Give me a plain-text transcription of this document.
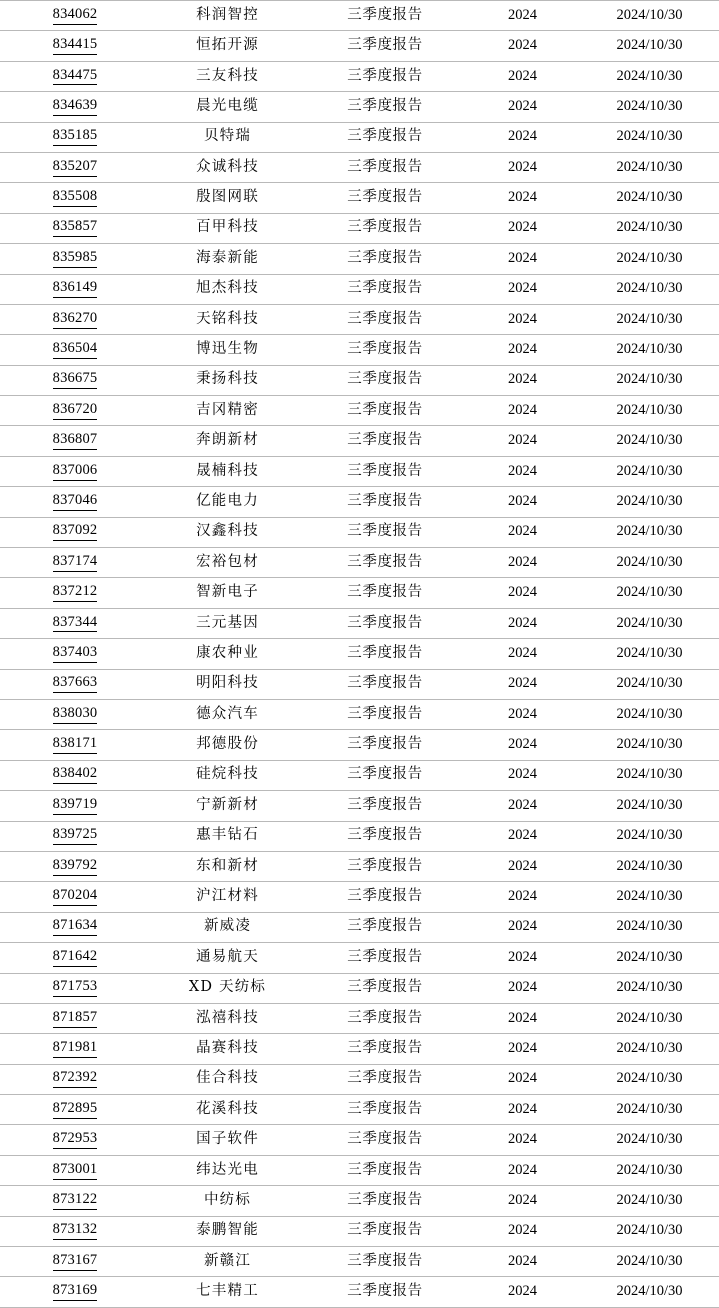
834062	科润智控	三季度报告	2024	2024/10/30
834415	恒拓开源	三季度报告	2024	2024/10/30
834475	三友科技	三季度报告	2024	2024/10/30
834639	晨光电缆	三季度报告	2024	2024/10/30
835185	贝特瑞	三季度报告	2024	2024/10/30
835207	众诚科技	三季度报告	2024	2024/10/30
835508	殷图网联	三季度报告	2024	2024/10/30
835857	百甲科技	三季度报告	2024	2024/10/30
835985	海泰新能	三季度报告	2024	2024/10/30
836149	旭杰科技	三季度报告	2024	2024/10/30
836270	天铭科技	三季度报告	2024	2024/10/30
836504	博迅生物	三季度报告	2024	2024/10/30
836675	秉扬科技	三季度报告	2024	2024/10/30
836720	吉冈精密	三季度报告	2024	2024/10/30
836807	奔朗新材	三季度报告	2024	2024/10/30
837006	晟楠科技	三季度报告	2024	2024/10/30
837046	亿能电力	三季度报告	2024	2024/10/30
837092	汉鑫科技	三季度报告	2024	2024/10/30
837174	宏裕包材	三季度报告	2024	2024/10/30
837212	智新电子	三季度报告	2024	2024/10/30
837344	三元基因	三季度报告	2024	2024/10/30
837403	康农种业	三季度报告	2024	2024/10/30
837663	明阳科技	三季度报告	2024	2024/10/30
838030	德众汽车	三季度报告	2024	2024/10/30
838171	邦德股份	三季度报告	2024	2024/10/30
838402	硅烷科技	三季度报告	2024	2024/10/30
839719	宁新新材	三季度报告	2024	2024/10/30
839725	惠丰钻石	三季度报告	2024	2024/10/30
839792	东和新材	三季度报告	2024	2024/10/30
870204	沪江材料	三季度报告	2024	2024/10/30
871634	新威凌	三季度报告	2024	2024/10/30
871642	通易航天	三季度报告	2024	2024/10/30
871753	XD 天纺标	三季度报告	2024	2024/10/30
871857	泓禧科技	三季度报告	2024	2024/10/30
871981	晶赛科技	三季度报告	2024	2024/10/30
872392	佳合科技	三季度报告	2024	2024/10/30
872895	花溪科技	三季度报告	2024	2024/10/30
872953	国子软件	三季度报告	2024	2024/10/30
873001	纬达光电	三季度报告	2024	2024/10/30
873122	中纺标	三季度报告	2024	2024/10/30
873132	泰鹏智能	三季度报告	2024	2024/10/30
873167	新赣江	三季度报告	2024	2024/10/30
873169	七丰精工	三季度报告	2024	2024/10/30
